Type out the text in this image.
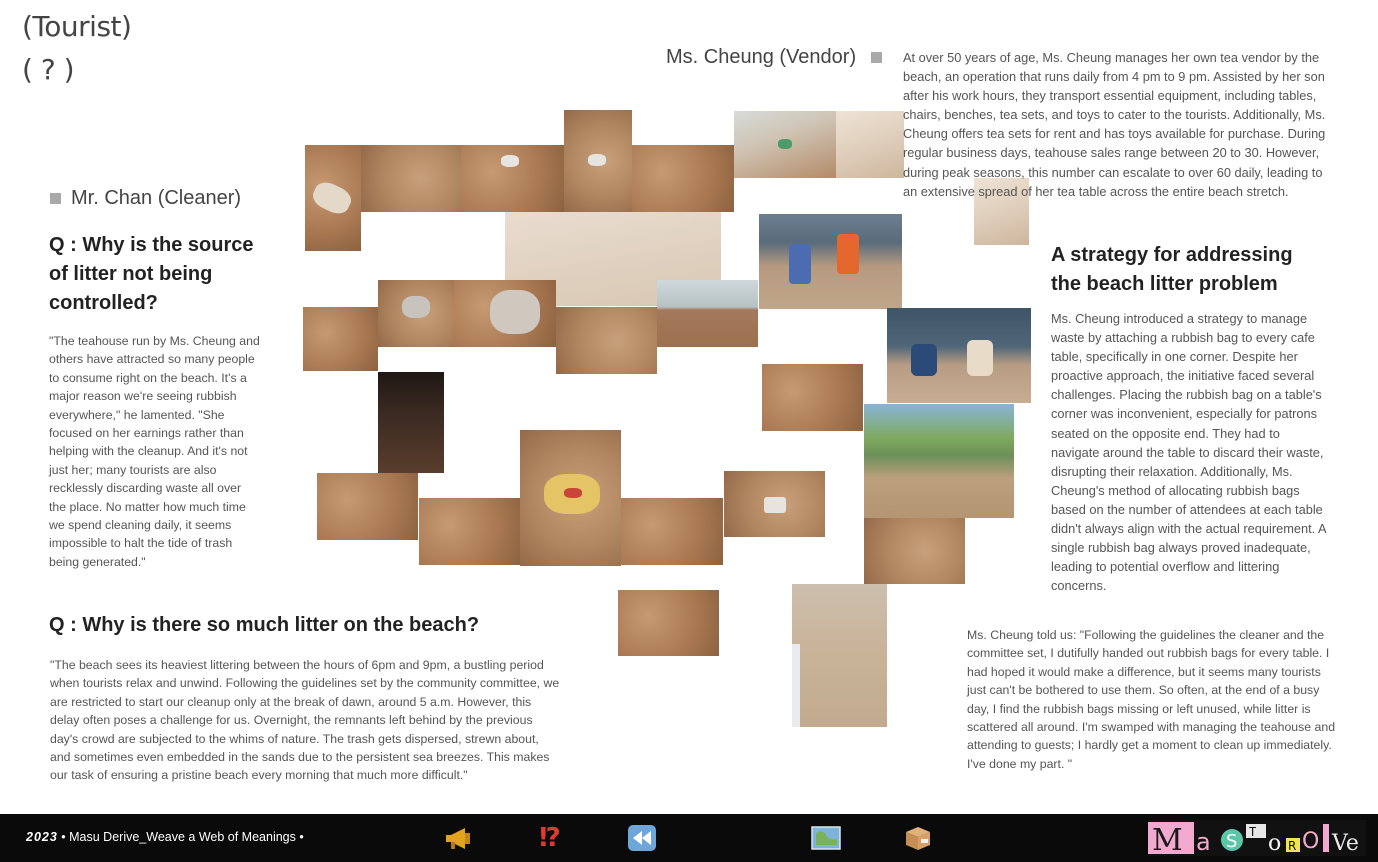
(Tourist)
( ? )
Mr. Chan (Cleaner)
Q : Why is the source of litter not being controlled?
"The teahouse run by Ms. Cheung and others have attracted so many people to consume right on the beach. It's a major reason we're seeing rubbish everywhere," he lamented. "She focused on her earnings rather than helping with the cleanup. And it's not just her; many tourists are also recklessly discarding waste all over the place. No matter how much time we spend cleaning daily, it seems impossible to halt the tide of trash being generated."
Q : Why is there so much litter on the beach?
"The beach sees its heaviest littering between the hours of 6pm and 9pm, a bustling period when tourists relax and unwind. Following the guidelines set by the community committee, we are restricted to start our cleanup only at the break of dawn, around 5 a.m. However, this delay often poses a challenge for us. Overnight, the remnants left behind by the previous day's crowd are subjected to the whims of nature. The trash gets dispersed, strewn about, and sometimes even embedded in the sands due to the persistent sea breezes. This makes our task of ensuring a pristine beach every morning that much more difficult."
Ms. Cheung (Vendor)	At over 50 years of age, Ms. Cheung manages her own tea vendor by the beach, an operation that runs daily from 4 pm to 9 pm. Assisted by her son after his work hours, they transport essential equipment, including tables, chairs, benches, tea sets, and toys to cater to the tourists. Additionally, Ms. Cheung offers tea sets for rent and has toys available for purchase. During regular business days, teahouse sales range between 20 to 30. However, during peak seasons, this number can escalate to over 60 daily, leading to an extensive spread of her tea table across the entire beach stretch.
A strategy for addressing the beach litter problem
Ms. Cheung introduced a strategy to manage waste by attaching a rubbish bag to every cafe table, specifically in one corner. Despite her proactive approach, the initiative faced several challenges. Placing the rubbish bag on a table's corner was inconvenient, especially for patrons seated on the opposite end. They had to navigate around the table to discard their waste, disrupting their relaxation. Additionally, Ms. Cheung's method of allocating rubbish bags based on the number of attendees at each table didn't always align with the actual requirement. A single rubbish bag always proved inadequate, leading to potential overflow and littering concerns.
Ms. Cheung told us: "Following the guidelines the cleaner and the committee set, I dutifully handed out rubbish bags for every table. I had hoped it would make a difference, but it seems many tourists just can't be bothered to use them. So often, at the end of a busy day, I find the rubbish bags missing or left unused, while litter is scattered all around. I'm swamped with managing the teahouse and attending to guests; I hardly get a moment to clean up immediately. I've done my part. "
2023 • Masu Derive_Weave a Web of Meanings •	⁉	M a S T o R O Ve
